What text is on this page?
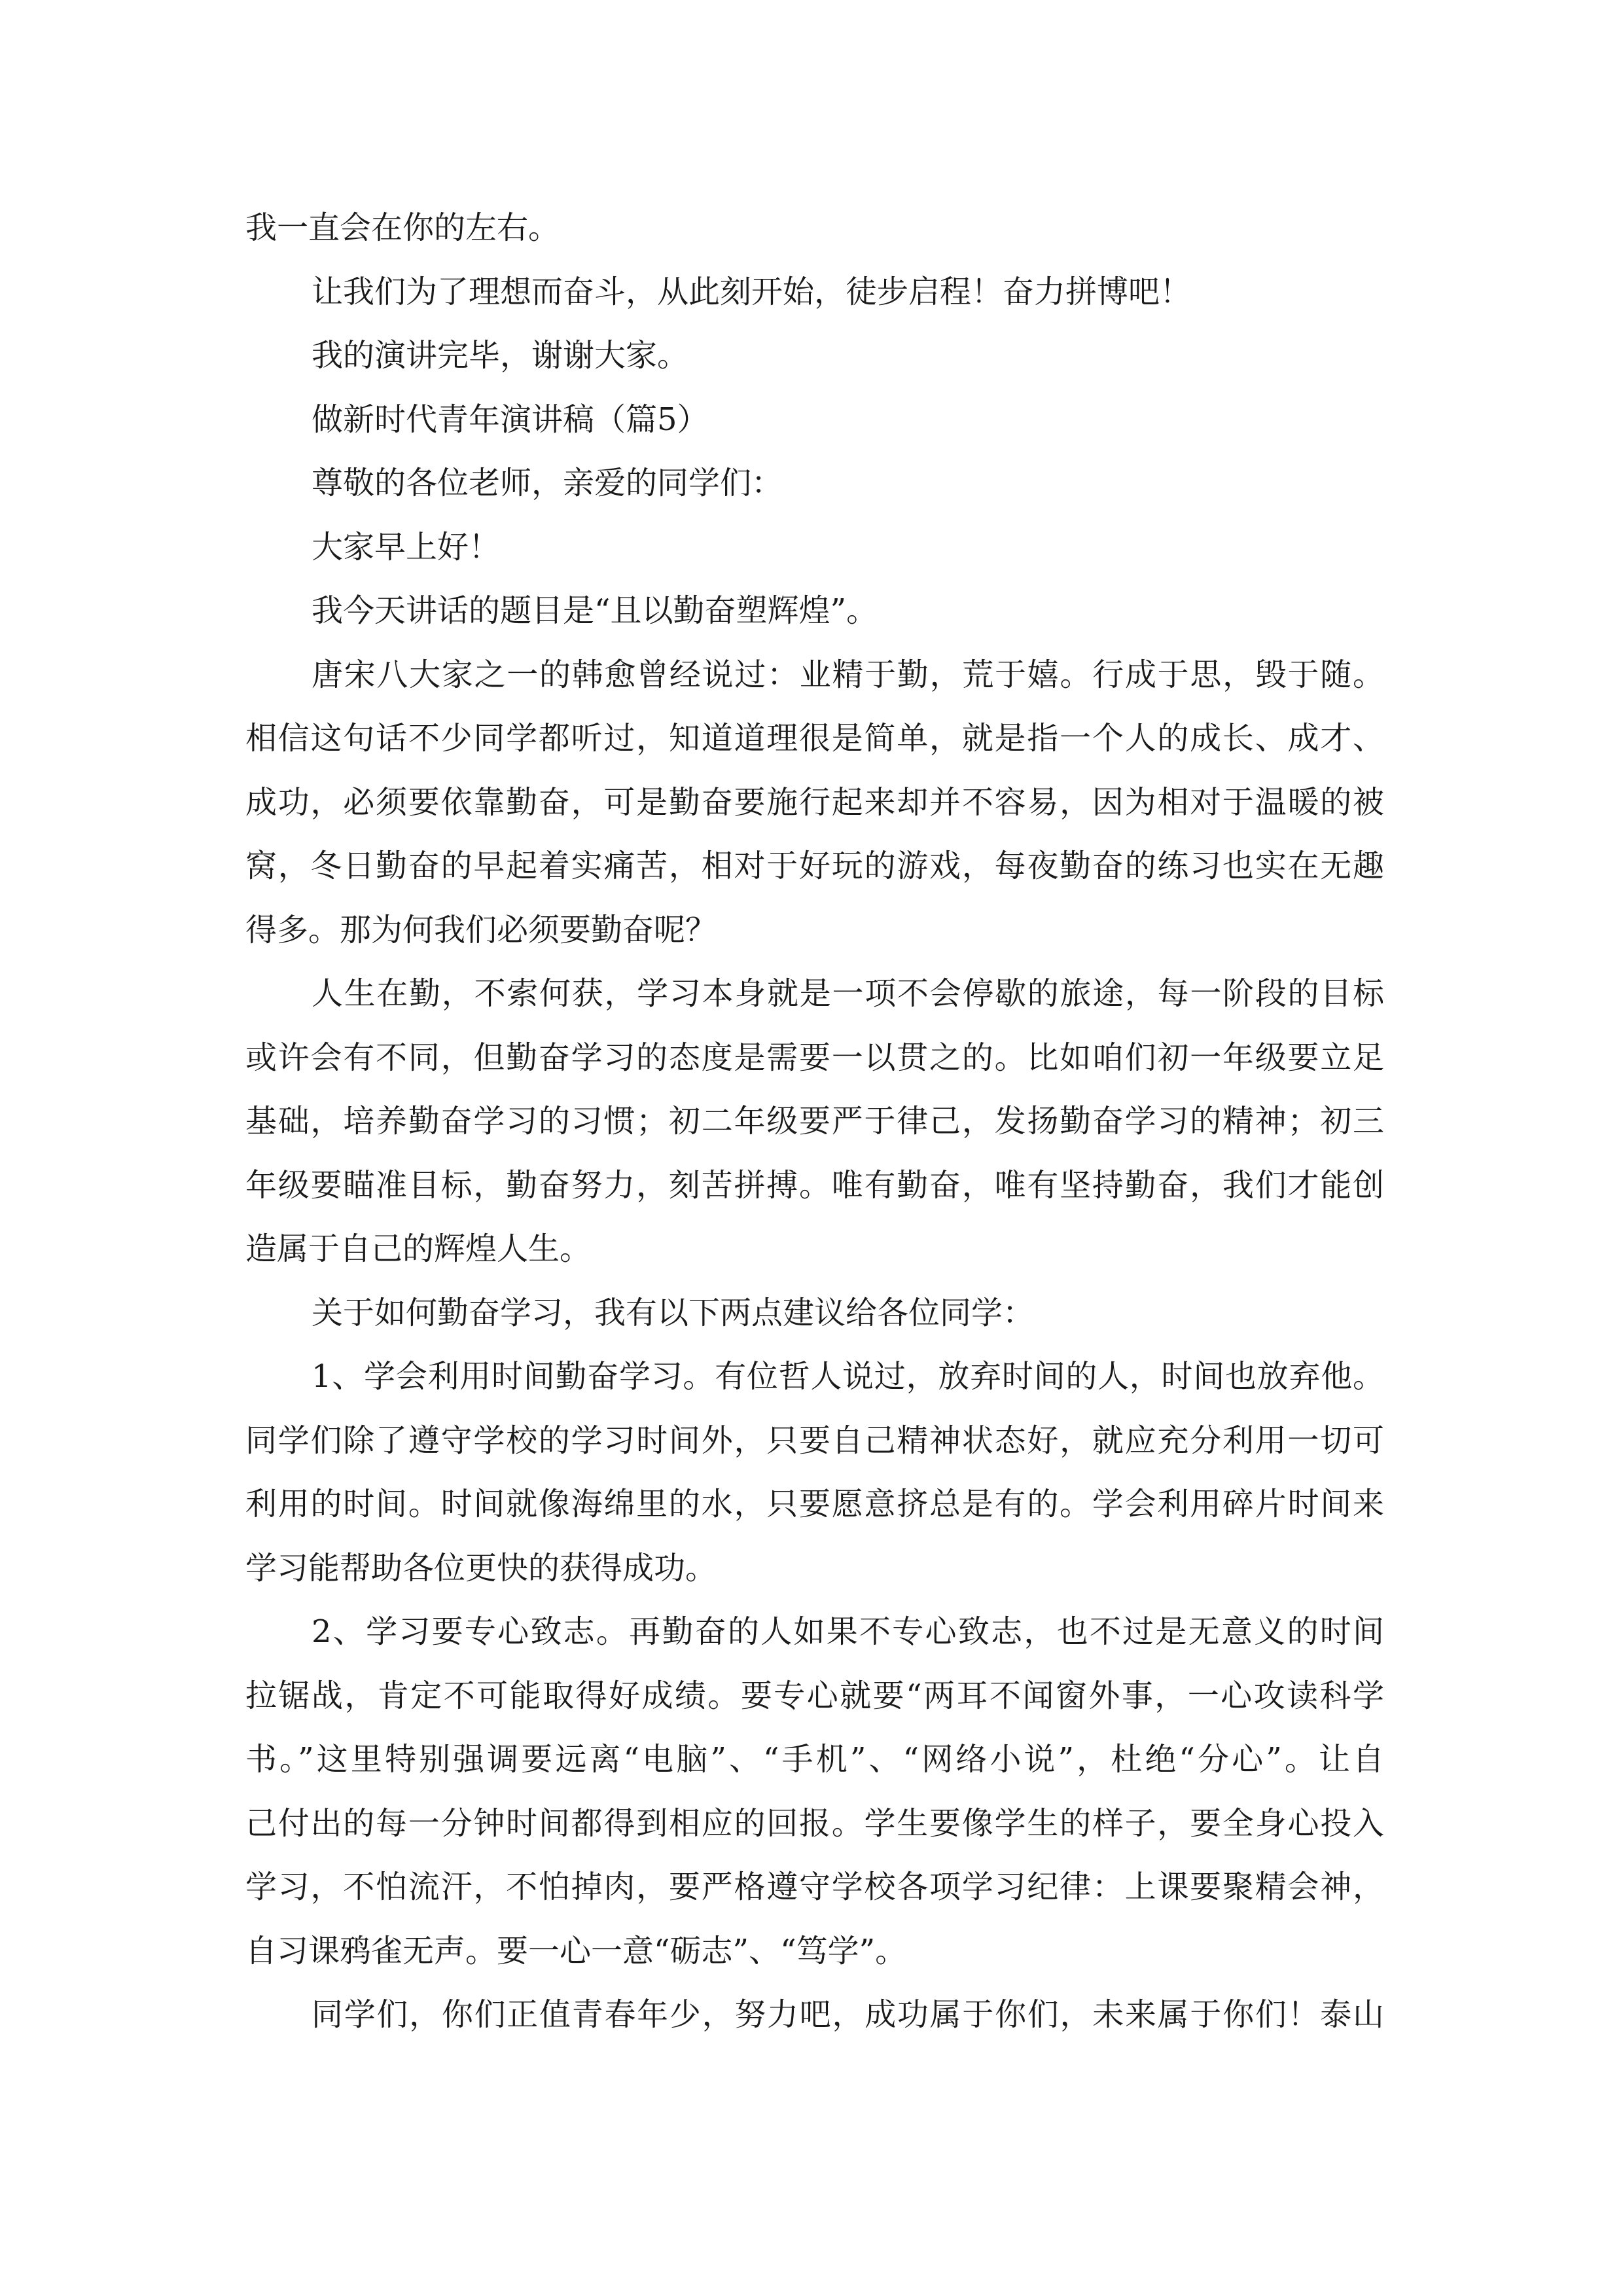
我一直会在你的左右。

让我们为了理想而奋斗，从此刻开始，徒步启程！奋力拼博吧！

我的演讲完毕，谢谢大家。

做新时代青年演讲稿（篇5）

尊敬的各位老师，亲爱的同学们：

大家早上好！

我今天讲话的题目是“且以勤奋塑辉煌”。

唐宋八大家之一的韩愈曾经说过：业精于勤，荒于嬉。行成于思，毁于随。

相信这句话不少同学都听过，知道道理很是简单，就是指一个人的成长、成才、

成功，必须要依靠勤奋，可是勤奋要施行起来却并不容易，因为相对于温暖的被

窝，冬日勤奋的早起着实痛苦，相对于好玩的游戏，每夜勤奋的练习也实在无趣

得多。那为何我们必须要勤奋呢？

人生在勤，不索何获，学习本身就是一项不会停歇的旅途，每一阶段的目标

或许会有不同，但勤奋学习的态度是需要一以贯之的。比如咱们初一年级要立足

基础，培养勤奋学习的习惯；初二年级要严于律己，发扬勤奋学习的精神；初三

年级要瞄准目标，勤奋努力，刻苦拼搏。唯有勤奋，唯有坚持勤奋，我们才能创

造属于自己的辉煌人生。

关于如何勤奋学习，我有以下两点建议给各位同学：

1、学会利用时间勤奋学习。有位哲人说过，放弃时间的人，时间也放弃他。

同学们除了遵守学校的学习时间外，只要自己精神状态好，就应充分利用一切可

利用的时间。时间就像海绵里的水，只要愿意挤总是有的。学会利用碎片时间来

学习能帮助各位更快的获得成功。

2、学习要专心致志。再勤奋的人如果不专心致志，也不过是无意义的时间

拉锯战，肯定不可能取得好成绩。要专心就要“两耳不闻窗外事，一心攻读科学

书。”这里特别强调要远离“电脑”、“手机”、“网络小说”，杜绝“分心”。让自

己付出的每一分钟时间都得到相应的回报。学生要像学生的样子，要全身心投入

学习，不怕流汗，不怕掉肉，要严格遵守学校各项学习纪律：上课要聚精会神，

自习课鸦雀无声。要一心一意“砺志”、“笃学”。

同学们，你们正值青春年少，努力吧，成功属于你们，未来属于你们！泰山
